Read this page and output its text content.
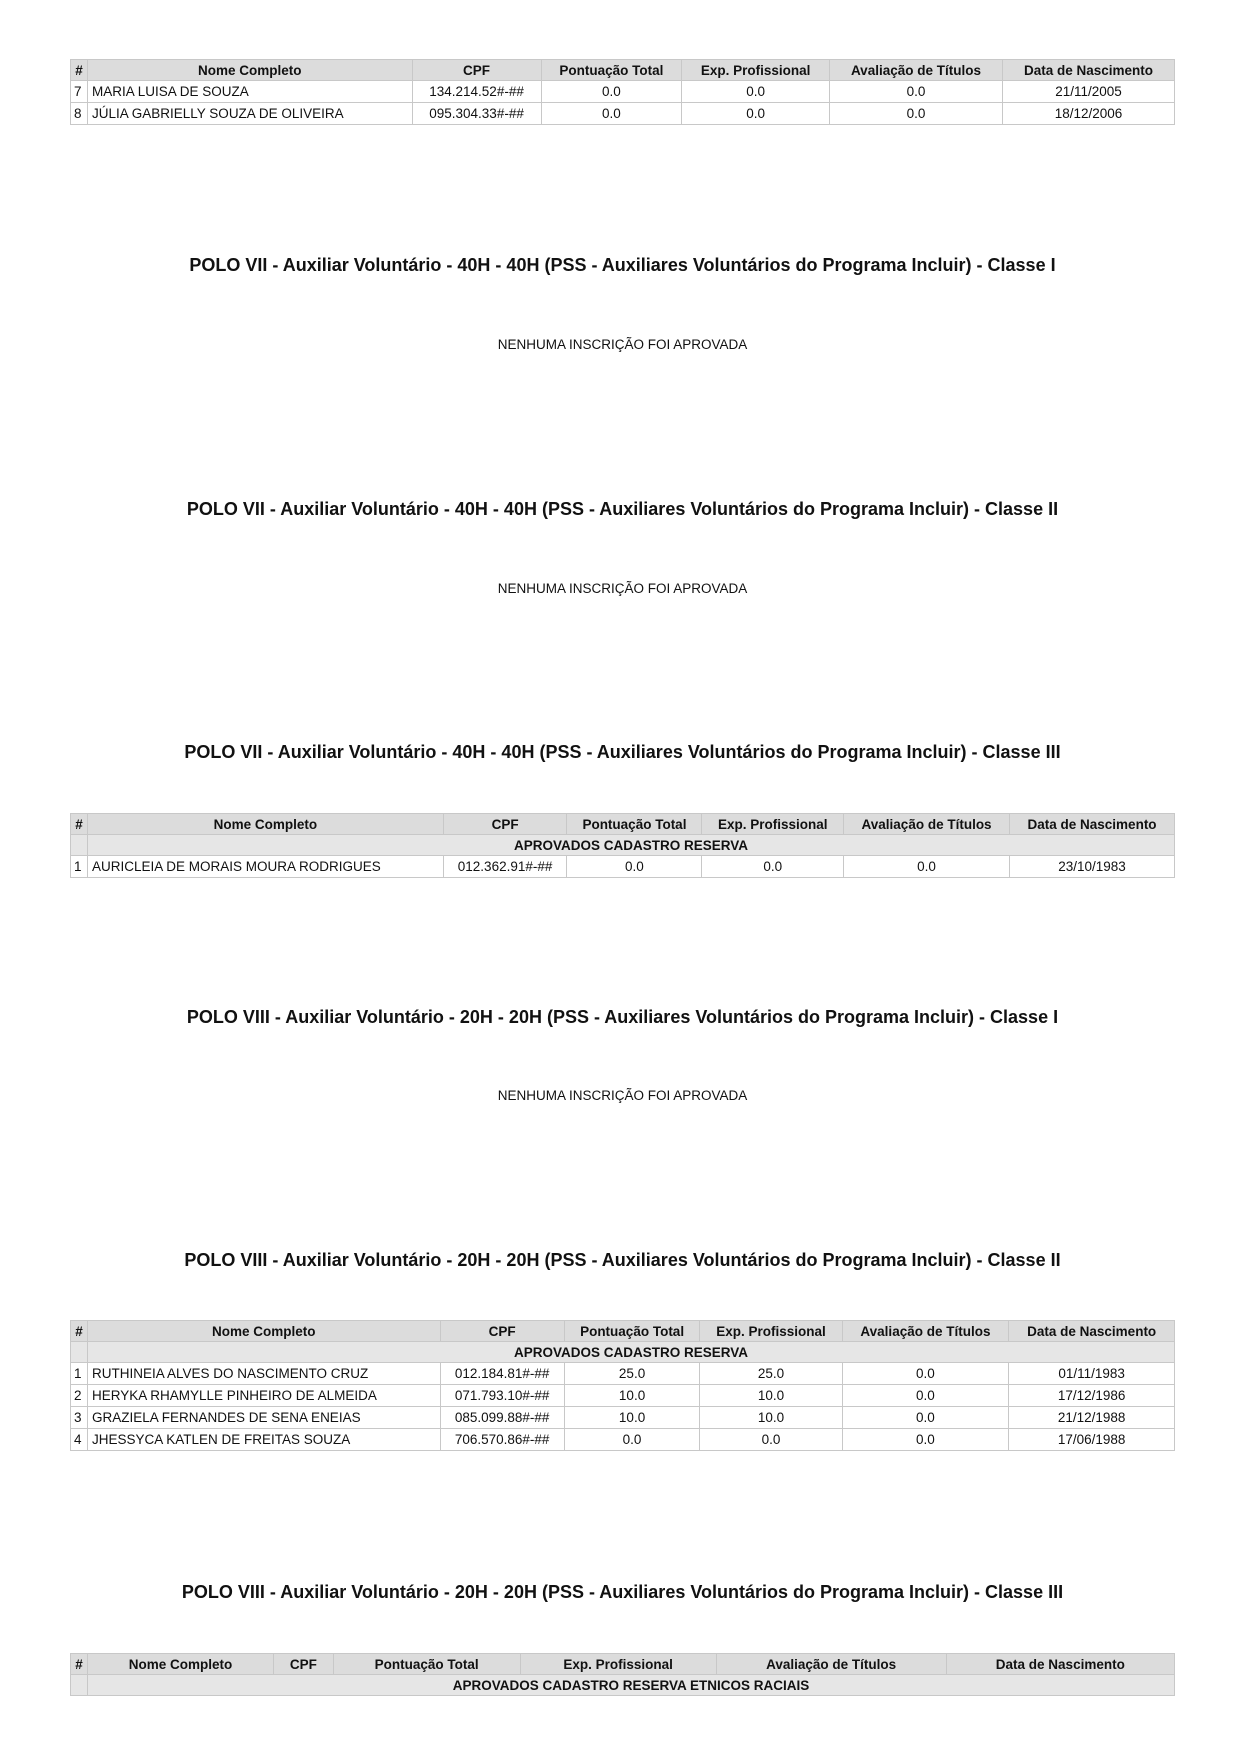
#	Nome Completo	CPF	Pontuação Total	Exp. Profissional	Avaliação de Títulos	Data de Nascimento
7	MARIA LUISA DE SOUZA	134.214.52#-##	0.0	0.0	0.0	21/11/2005
8	JÚLIA GABRIELLY SOUZA DE OLIVEIRA	095.304.33#-##	0.0	0.0	0.0	18/12/2006
POLO VII - Auxiliar Voluntário - 40H - 40H (PSS - Auxiliares Voluntários do Programa Incluir) - Classe I
NENHUMA INSCRIÇÃO FOI APROVADA
POLO VII - Auxiliar Voluntário - 40H - 40H (PSS - Auxiliares Voluntários do Programa Incluir) - Classe II
NENHUMA INSCRIÇÃO FOI APROVADA
POLO VII - Auxiliar Voluntário - 40H - 40H (PSS - Auxiliares Voluntários do Programa Incluir) - Classe III
#	Nome Completo	CPF	Pontuação Total	Exp. Profissional	Avaliação de Títulos	Data de Nascimento
	APROVADOS CADASTRO RESERVA					
1	AURICLEIA DE MORAIS MOURA RODRIGUES	012.362.91#-##	0.0	0.0	0.0	23/10/1983
POLO VIII - Auxiliar Voluntário - 20H - 20H (PSS - Auxiliares Voluntários do Programa Incluir) - Classe I
NENHUMA INSCRIÇÃO FOI APROVADA
POLO VIII - Auxiliar Voluntário - 20H - 20H (PSS - Auxiliares Voluntários do Programa Incluir) - Classe II
#	Nome Completo	CPF	Pontuação Total	Exp. Profissional	Avaliação de Títulos	Data de Nascimento
	APROVADOS CADASTRO RESERVA					
1	RUTHINEIA ALVES DO NASCIMENTO CRUZ	012.184.81#-##	25.0	25.0	0.0	01/11/1983
2	HERYKA RHAMYLLE PINHEIRO DE ALMEIDA	071.793.10#-##	10.0	10.0	0.0	17/12/1986
3	GRAZIELA FERNANDES DE SENA ENEIAS	085.099.88#-##	10.0	10.0	0.0	21/12/1988
4	JHESSYCA KATLEN DE FREITAS SOUZA	706.570.86#-##	0.0	0.0	0.0	17/06/1988
POLO VIII - Auxiliar Voluntário - 20H - 20H (PSS - Auxiliares Voluntários do Programa Incluir) - Classe III
#	Nome Completo	CPF	Pontuação Total	Exp. Profissional	Avaliação de Títulos	Data de Nascimento
	APROVADOS CADASTRO RESERVA ETNICOS RACIAIS					
